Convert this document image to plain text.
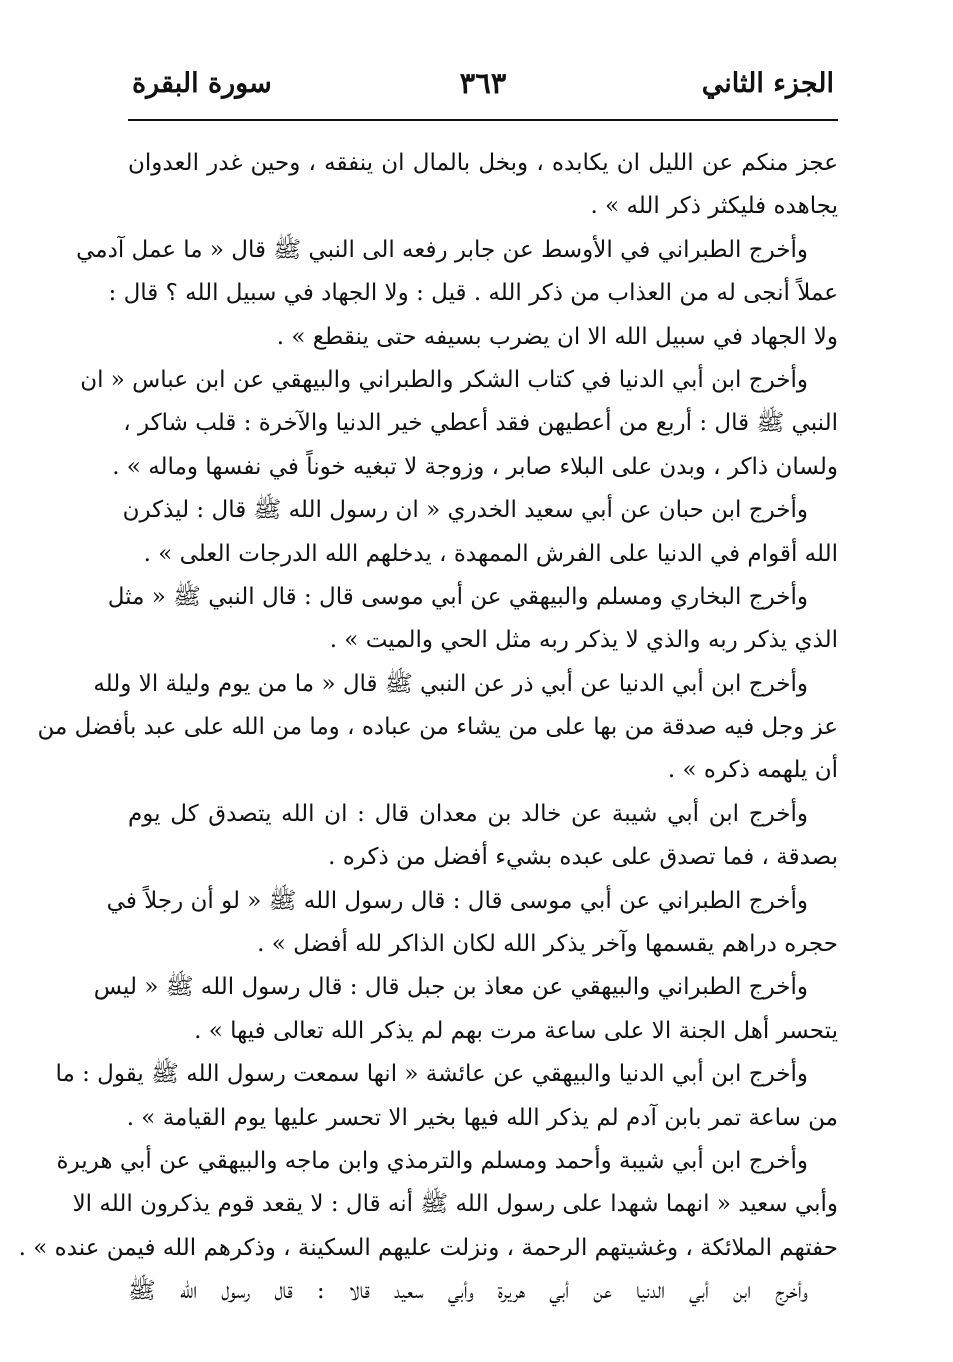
الجزء الثاني
٣٦٣
سورة البقرة
عجز منكم عن الليل ان يكابده ، وبخل بالمال ان ينفقه ، وحين غدر العدوان
يجاهده فليكثر ذكر الله » .
وأخرج الطبراني في الأوسط عن جابر رفعه الى النبي ﷺ قال « ما عمل آدمي
عملاً أنجى له من العذاب من ذكر الله . قيل : ولا الجهاد في سبيل الله ؟ قال :
ولا الجهاد في سبيل الله الا ان يضرب بسيفه حتى ينقطع » .
وأخرج ابن أبي الدنيا في كتاب الشكر والطبراني والبيهقي عن ابن عباس « ان
النبي ﷺ قال : أربع من أعطيهن فقد أعطي خير الدنيا والآخرة : قلب شاكر ،
ولسان ذاكر ، وبدن على البلاء صابر ، وزوجة لا تبغيه خوناً في نفسها وماله » .
وأخرج ابن حبان عن أبي سعيد الخدري « ان رسول الله ﷺ قال : ليذكرن
الله أقوام في الدنيا على الفرش الممهدة ، يدخلهم الله الدرجات العلى » .
وأخرج البخاري ومسلم والبيهقي عن أبي موسى قال : قال النبي ﷺ « مثل
الذي يذكر ربه والذي لا يذكر ربه مثل الحي والميت » .
وأخرج ابن أبي الدنيا عن أبي ذر عن النبي ﷺ قال « ما من يوم وليلة الا ولله
عز وجل فيه صدقة من بها على من يشاء من عباده ، وما من الله على عبد بأفضل من
أن يلهمه ذكره » .
وأخرج ابن أبي شيبة عن خالد بن معدان قال : ان الله يتصدق كل يوم
بصدقة ، فما تصدق على عبده بشيء أفضل من ذكره .
وأخرج الطبراني عن أبي موسى قال : قال رسول الله ﷺ « لو أن رجلاً في
حجره دراهم يقسمها وآخر يذكر الله لكان الذاكر لله أفضل » .
وأخرج الطبراني والبيهقي عن معاذ بن جبل قال : قال رسول الله ﷺ « ليس
يتحسر أهل الجنة الا على ساعة مرت بهم لم يذكر الله تعالى فيها » .
وأخرج ابن أبي الدنيا والبيهقي عن عائشة « انها سمعت رسول الله ﷺ يقول : ما
من ساعة تمر بابن آدم لم يذكر الله فيها بخير الا تحسر عليها يوم القيامة » .
وأخرج ابن أبي شيبة وأحمد ومسلم والترمذي وابن ماجه والبيهقي عن أبي هريرة
وأبي سعيد « انهما شهدا على رسول الله ﷺ أنه قال : لا يقعد قوم يذكرون الله الا
حفتهم الملائكة ، وغشيتهم الرحمة ، ونزلت عليهم السكينة ، وذكرهم الله فيمن عنده » .
وأخرج ابن أبي الدنيا عن أبي هريرة وأبي سعيد قالا : قال رسول الله ﷺ
